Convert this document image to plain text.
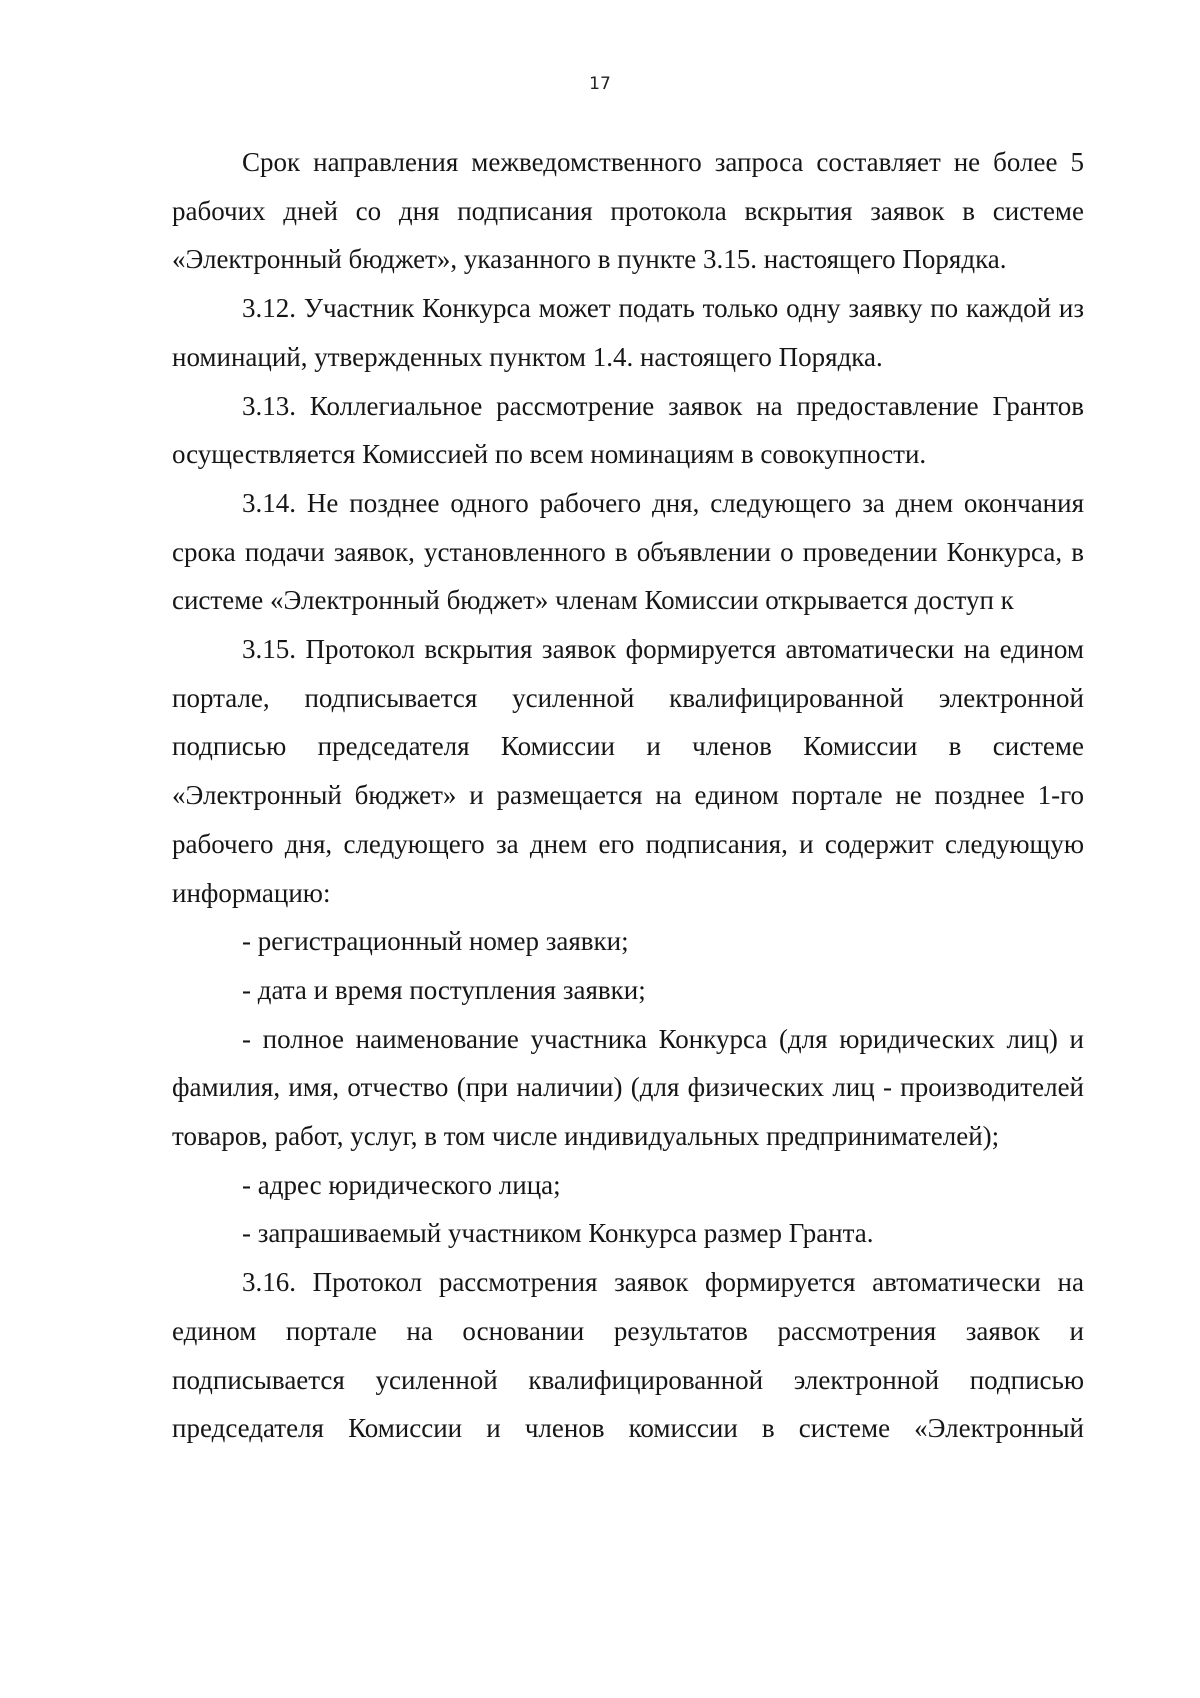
17

Срок направления межведомственного запроса составляет не более 5 рабочих дней со дня подписания протокола вскрытия заявок в системе «Электронный бюджет», указанного в пункте 3.15. настоящего Порядка.

3.12. Участник Конкурса может подать только одну заявку по каждой из номинаций, утвержденных пунктом 1.4. настоящего Порядка.

3.13. Коллегиальное рассмотрение заявок на предоставление Грантов осуществляется Комиссией по всем номинациям в совокупности.

3.14. Не позднее одного рабочего дня, следующего за днем окончания срока подачи заявок, установленного в объявлении о проведении Конкурса, в системе «Электронный бюджет» членам Комиссии открывается доступ к

3.15. Протокол вскрытия заявок формируется автоматически на едином портале, подписывается усиленной квалифицированной электронной подписью председателя Комиссии и членов Комиссии в системе «Электронный бюджет» и размещается на едином портале не позднее 1-го рабочего дня, следующего за днем его подписания, и содержит следующую информацию:

- регистрационный номер заявки;

- дата и время поступления заявки;

- полное наименование участника Конкурса (для юридических лиц) и фамилия, имя, отчество (при наличии) (для физических лиц - производителей товаров, работ, услуг, в том числе индивидуальных предпринимателей);

- адрес юридического лица;

- запрашиваемый участником Конкурса размер Гранта.

3.16. Протокол рассмотрения заявок формируется автоматически на едином портале на основании результатов рассмотрения заявок и подписывается усиленной квалифицированной электронной подписью председателя Комиссии и членов комиссии в системе «Электронный
